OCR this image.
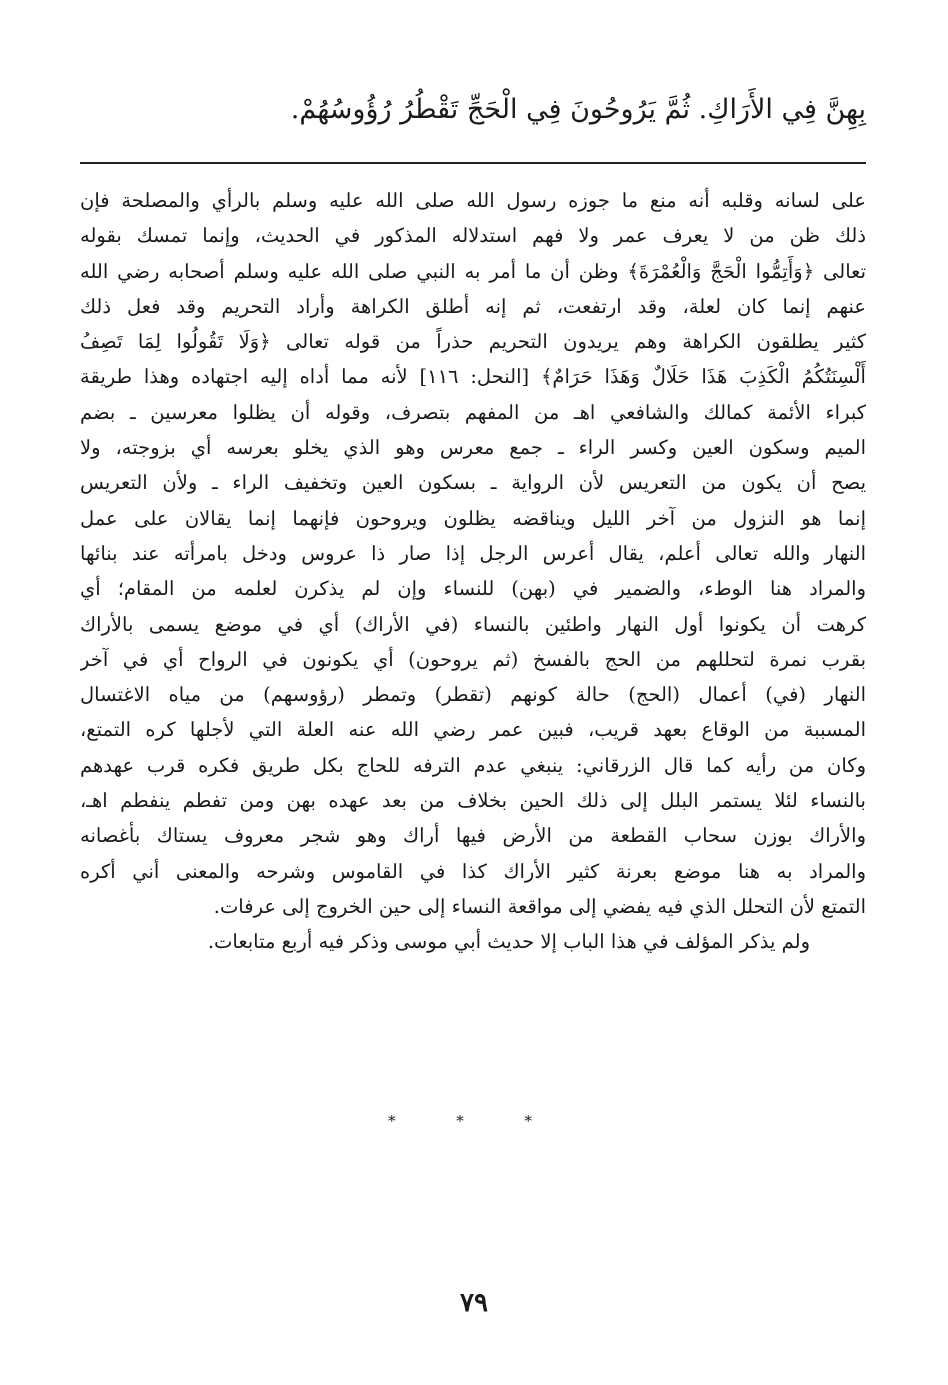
بِهِنَّ فِي الأَرَاكِ. ثُمَّ يَرُوحُونَ فِي الْحَجِّ تَقْطُرُ رُؤُوسُهُمْ.
على لسانه وقلبه أنه منع ما جوزه رسول الله صلى الله عليه وسلم بالرأي والمصلحة فإن
ذلك ظن من لا يعرف عمر ولا فهم استدلاله المذكور في الحديث، وإنما تمسك بقوله
تعالى ﴿وَأَتِمُّوا الْحَجَّ وَالْعُمْرَةَ﴾ وظن أن ما أمر به النبي صلى الله عليه وسلم أصحابه رضي الله
عنهم إنما كان لعلة، وقد ارتفعت، ثم إنه أطلق الكراهة وأراد التحريم وقد فعل ذلك
كثير يطلقون الكراهة وهم يريدون التحريم حذراً من قوله تعالى ﴿وَلَا تَقُولُوا لِمَا تَصِفُ
أَلْسِنَتُكُمُ الْكَذِبَ هَذَا حَلَالٌ وَهَذَا حَرَامٌ﴾ [النحل: ١١٦] لأنه مما أداه إليه اجتهاده وهذا طريقة
كبراء الأئمة كمالك والشافعي اهـ من المفهم بتصرف، وقوله أن يظلوا معرسين ـ بضم
الميم وسكون العين وكسر الراء ـ جمع معرس وهو الذي يخلو بعرسه أي بزوجته، ولا
يصح أن يكون من التعريس لأن الرواية ـ بسكون العين وتخفيف الراء ـ ولأن التعريس
إنما هو النزول من آخر الليل ويناقضه يظلون ويروحون فإنهما إنما يقالان على عمل
النهار والله تعالى أعلم، يقال أعرس الرجل إذا صار ذا عروس ودخل بامرأته عند بنائها
والمراد هنا الوطء، والضمير في (بهن) للنساء وإن لم يذكرن لعلمه من المقام؛ أي
كرهت أن يكونوا أول النهار واطئين بالنساء (في الأراك) أي في موضع يسمى بالأراك
بقرب نمرة لتحللهم من الحج بالفسخ (ثم يروحون) أي يكونون في الرواح أي في آخر
النهار (في) أعمال (الحج) حالة كونهم (تقطر) وتمطر (رؤوسهم) من مياه الاغتسال
المسببة من الوقاع بعهد قريب، فبين عمر رضي الله عنه العلة التي لأجلها كره التمتع،
وكان من رأيه كما قال الزرقاني: ينبغي عدم الترفه للحاج بكل طريق فكره قرب عهدهم
بالنساء لئلا يستمر البلل إلى ذلك الحين بخلاف من بعد عهده بهن ومن تفطم ينفطم اهـ،
والأراك بوزن سحاب القطعة من الأرض فيها أراك وهو شجر معروف يستاك بأغصانه
والمراد به هنا موضع بعرنة كثير الأراك كذا في القاموس وشرحه والمعنى أني أكره
التمتع لأن التحلل الذي فيه يفضي إلى مواقعة النساء إلى حين الخروج إلى عرفات.
ولم يذكر المؤلف في هذا الباب إلا حديث أبي موسى وذكر فيه أربع متابعات.
* * *
٧٩
